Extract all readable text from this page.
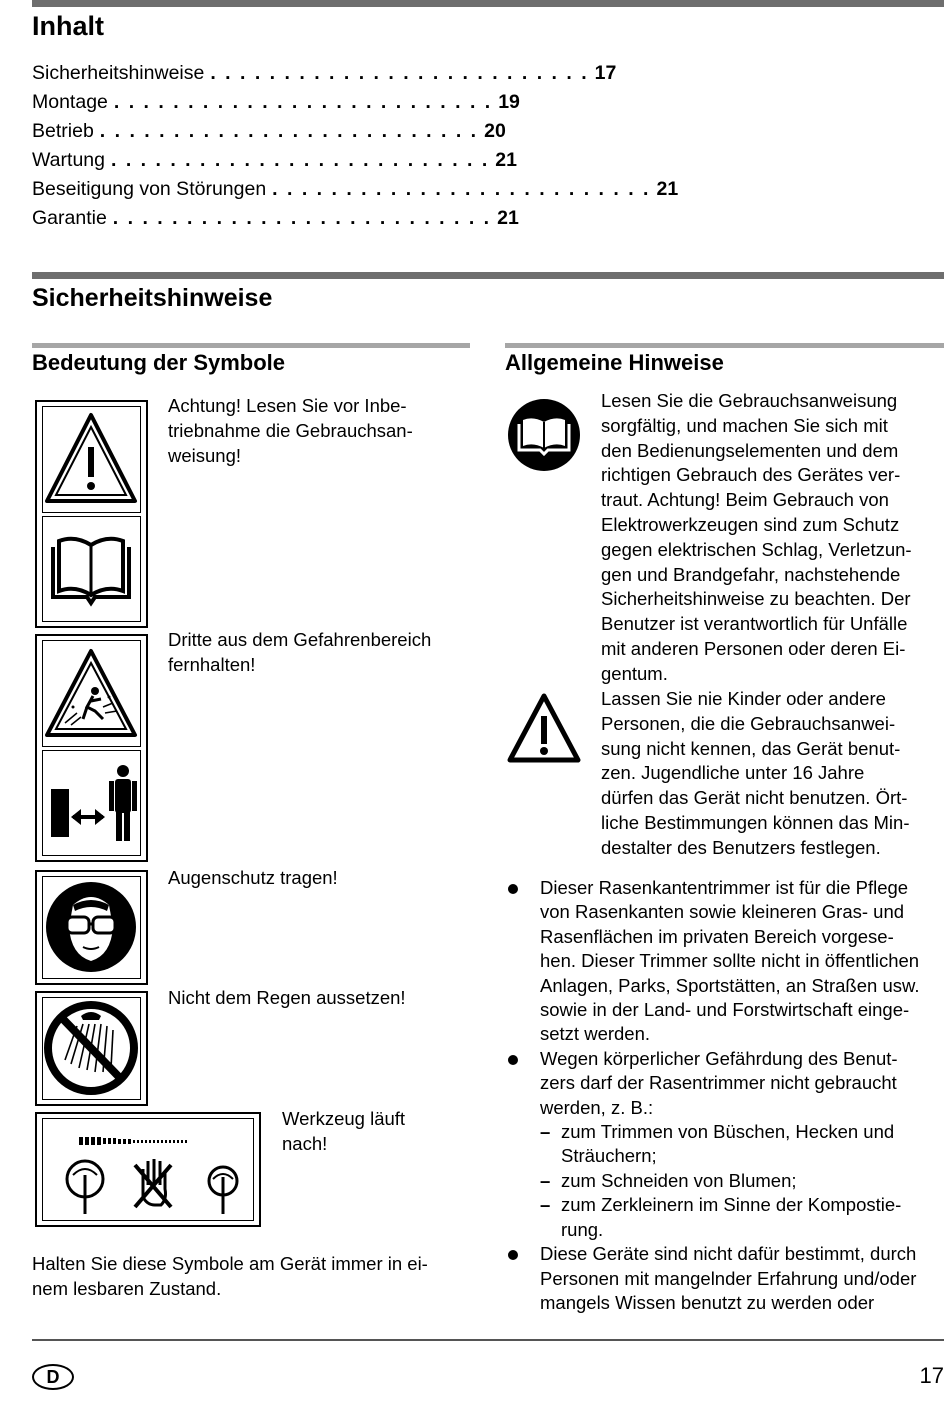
Inhalt
Sicherheitshinweise . . . . . . . . . . . . . . . . . . . . . . . . . . 17
Montage . . . . . . . . . . . . . . . . . . . . . . . . . . 19
Betrieb . . . . . . . . . . . . . . . . . . . . . . . . . . 20
Wartung . . . . . . . . . . . . . . . . . . . . . . . . . . 21
Beseitigung von Störungen . . . . . . . . . . . . . . . . . . . . . . . . . . 21
Garantie . . . . . . . . . . . . . . . . . . . . . . . . . . 21
Sicherheitshinweise
Bedeutung der Symbole	Allgemeine Hinweise
Achtung! Lesen Sie vor Inbe-
triebnahme die Gebrauchsan-
weisung!
Dritte aus dem Gefahrenbereich
fernhalten!
Augenschutz tragen!
Nicht dem Regen aussetzen!
Werkzeug läuft
nach!
Halten Sie diese Symbole am Gerät immer in ei-
nem lesbaren Zustand.
Lesen Sie die Gebrauchsanweisung
sorgfältig, und machen Sie sich mit
den Bedienungselementen und dem
richtigen Gebrauch des Gerätes ver-
traut. Achtung! Beim Gebrauch von
Elektrowerkzeugen sind zum Schutz
gegen elektrischen Schlag, Verletzun-
gen und Brandgefahr, nachstehende
Sicherheitshinweise zu beachten. Der
Benutzer ist verantwortlich für Unfälle
mit anderen Personen oder deren Ei-
gentum.
Lassen Sie nie Kinder oder andere
Personen, die die Gebrauchsanwei-
sung nicht kennen, das Gerät benut-
zen. Jugendliche unter 16 Jahre
dürfen das Gerät nicht benutzen. Ört-
liche Bestimmungen können das Min-
destalter des Benutzers festlegen.
Dieser Rasenkantentrimmer ist für die Pflege
von Rasenkanten sowie kleineren Gras- und
Rasenflächen im privaten Bereich vorgese-
hen. Dieser Trimmer sollte nicht in öffentlichen
Anlagen, Parks, Sportstätten, an Straßen usw.
sowie in der Land- und Forstwirtschaft einge-
setzt werden.
Wegen körperlicher Gefährdung des Benut-
zers darf der Rasentrimmer nicht gebraucht
werden, z. B.:
– zum Trimmen von Büschen, Hecken und
Sträuchern;
– zum Schneiden von Blumen;
– zum Zerkleinern im Sinne der Kompostie-
rung.
Diese Geräte sind nicht dafür bestimmt, durch
Personen mit mangelnder Erfahrung und/oder
mangels Wissen benutzt zu werden oder
D	17
